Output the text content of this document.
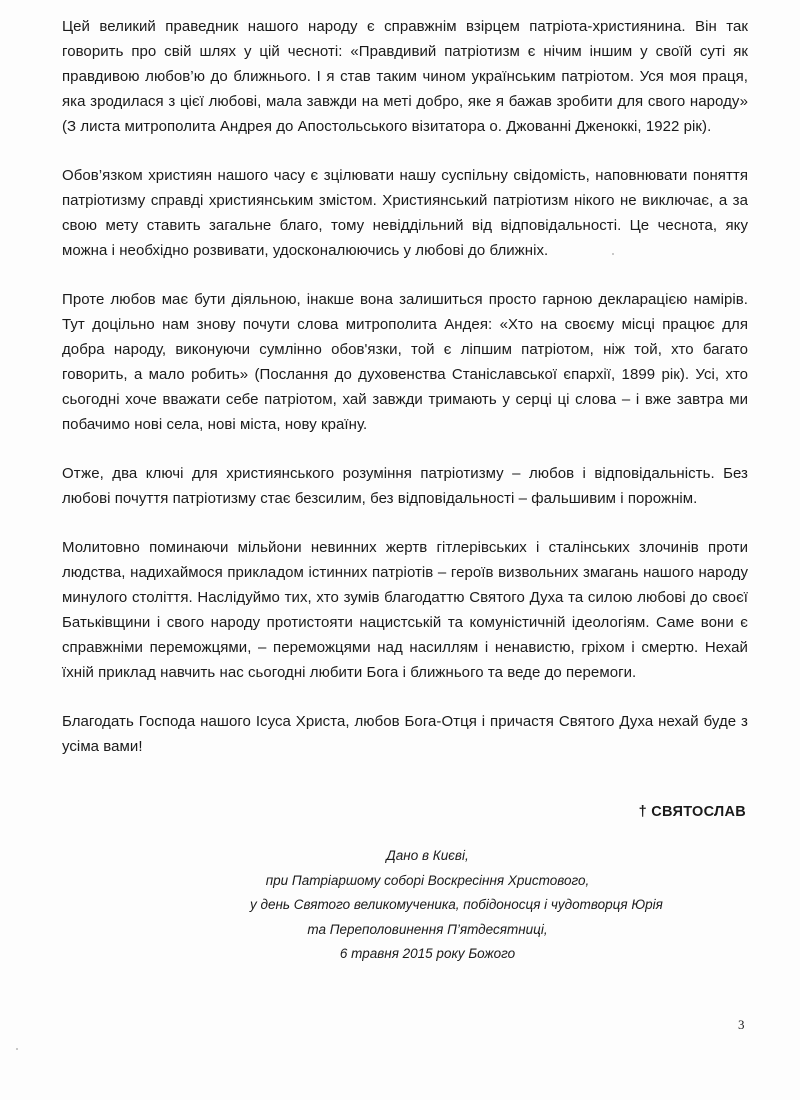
Цей великий праведник нашого народу є справжнім взірцем патріота-християнина. Він так говорить про свій шлях у цій чесноті: «Правдивий патріотизм є нічим іншим у своїй суті як правдивою любов’ю до ближнього. І я став таким чином українським патріотом. Уся моя праця, яка зродилася з цієї любові, мала завжди на меті добро, яке я бажав зробити для свого народу» (З листа митрополита Андрея до Апостольського візитатора о. Джованні Дженоккі, 1922 рік).

Обов’язком християн нашого часу є зцілювати нашу суспільну свідомість, наповнювати поняття патріотизму справді християнським змістом. Християнський патріотизм нікого не виключає, а за свою мету ставить загальне благо, тому невіддільний від відповідальності. Це чеснота, яку можна і необхідно розвивати, удосконалюючись у любові до ближніх.

Проте любов має бути діяльною, інакше вона залишиться просто гарною декларацією намірів. Тут доцільно нам знову почути слова митрополита Андея: «Хто на своєму місці працює для добра народу, виконуючи сумлінно обов'язки, той є ліпшим патріотом, ніж той, хто багато говорить, а мало робить» (Послання до духовенства Станіславської єпархії, 1899 рік). Усі, хто сьогодні хоче вважати себе патріотом, хай завжди тримають у серці ці слова – і вже завтра ми побачимо нові села, нові міста, нову країну.

Отже, два ключі для християнського розуміння патріотизму – любов і відповідальність. Без любові почуття патріотизму стає безсилим, без відповідальності – фальшивим і порожнім.

Молитовно поминаючи мільйони невинних жертв гітлерівських і сталінських злочинів проти людства, надихаймося прикладом істинних патріотів – героїв визвольних змагань нашого народу минулого століття. Наслідуймо тих, хто зумів благодаттю Святого Духа та силою любові до своєї Батьківщини і свого народу протистояти нацистській та комуністичній ідеологіям. Саме вони є справжніми переможцями, – переможцями над насиллям і ненавистю, гріхом і смертю. Нехай їхній приклад навчить нас сьогодні любити Бога і ближнього та веде до перемоги.

Благодать Господа нашого Ісуса Христа, любов Бога-Отця і причастя Святого Духа нехай буде з усіма вами!

† СВЯТОСЛАВ
Дано в Києві,
при Патріаршому соборі Воскресіння Христового,
у день Святого великомученика, побідоносця і чудотворця Юрія
та Переполовинення П’ятдесятниці,
6 травня 2015 року Божого
3
